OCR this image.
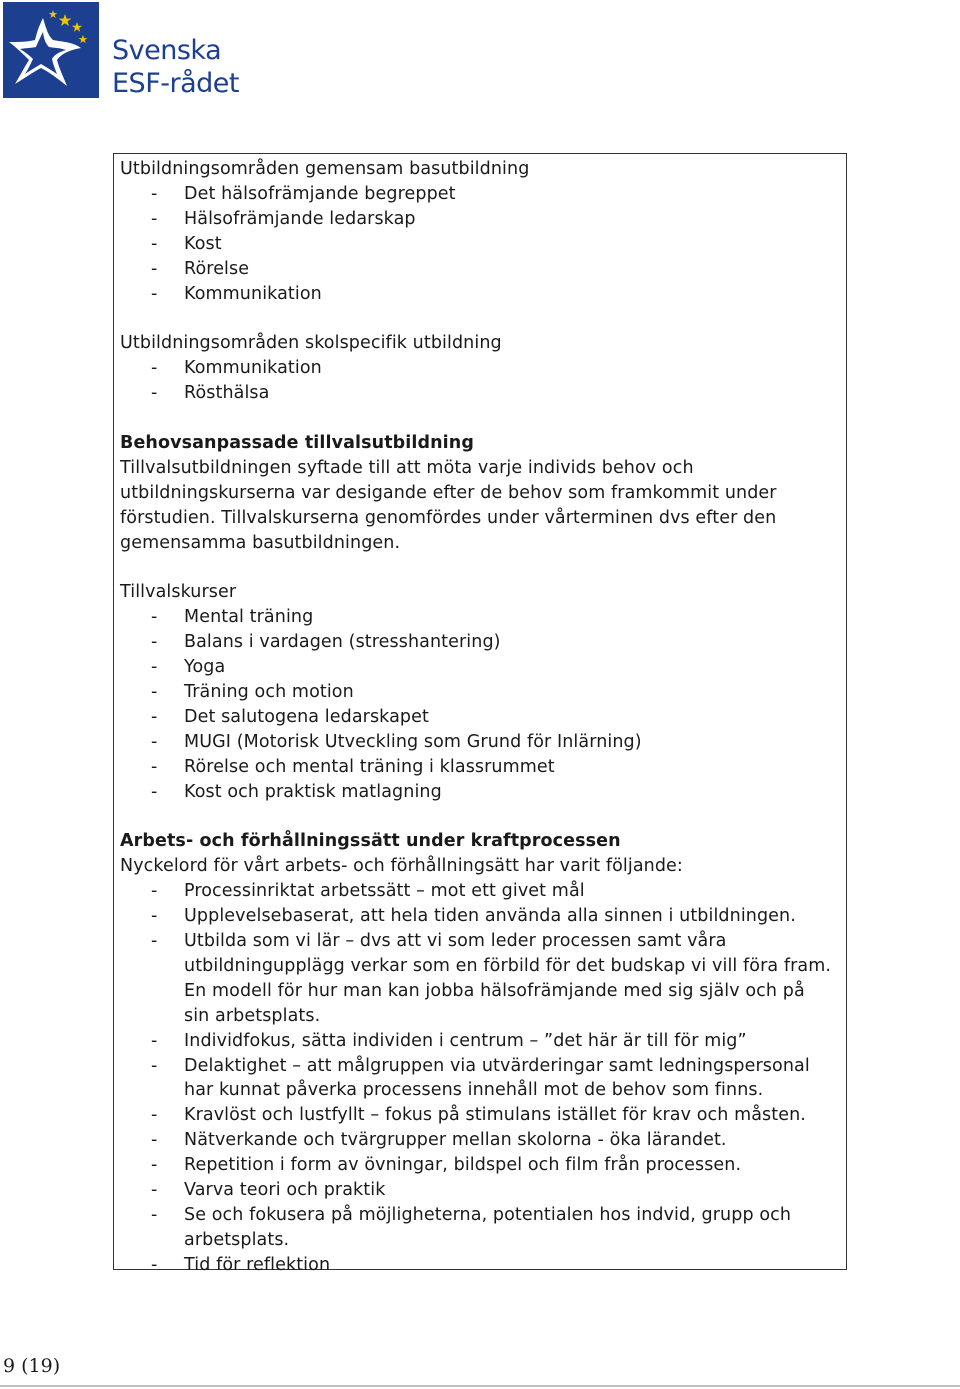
Svenska
ESF-rådet
Utbildningsområden gemensam basutbildning
- Det hälsofrämjande begreppet
- Hälsofrämjande ledarskap
- Kost
- Rörelse
- Kommunikation
Utbildningsområden skolspecifik utbildning
- Kommunikation
- Rösthälsa
Behovsanpassade tillvalsutbildning
Tillvalsutbildningen syftade till att möta varje individs behov och
utbildningskurserna var desigande efter de behov som framkommit under
förstudien. Tillvalskurserna genomfördes under vårterminen dvs efter den
gemensamma basutbildningen.
Tillvalskurser
- Mental träning
- Balans i vardagen (stresshantering)
- Yoga
- Träning och motion
- Det salutogena ledarskapet
- MUGI (Motorisk Utveckling som Grund för Inlärning)
- Rörelse och mental träning i klassrummet
- Kost och praktisk matlagning
Arbets- och förhållningssätt under kraftprocessen
Nyckelord för vårt arbets- och förhållningsätt har varit följande:
- Processinriktat arbetssätt – mot ett givet mål
- Upplevelsebaserat, att hela tiden använda alla sinnen i utbildningen.
- Utbilda som vi lär – dvs att vi som leder processen samt våra
utbildningupplägg verkar som en förbild för det budskap vi vill föra fram.
En modell för hur man kan jobba hälsofrämjande med sig själv och på
sin arbetsplats.
- Individfokus, sätta individen i centrum – ”det här är till för mig”
- Delaktighet – att målgruppen via utvärderingar samt ledningspersonal
har kunnat påverka processens innehåll mot de behov som finns.
- Kravlöst och lustfyllt – fokus på stimulans istället för krav och måsten.
- Nätverkande och tvärgrupper mellan skolorna - öka lärandet.
- Repetition i form av övningar, bildspel och film från processen.
- Varva teori och praktik
- Se och fokusera på möjligheterna, potentialen hos indvid, grupp och
arbetsplats.
- Tid för reflektion
9 (19)
